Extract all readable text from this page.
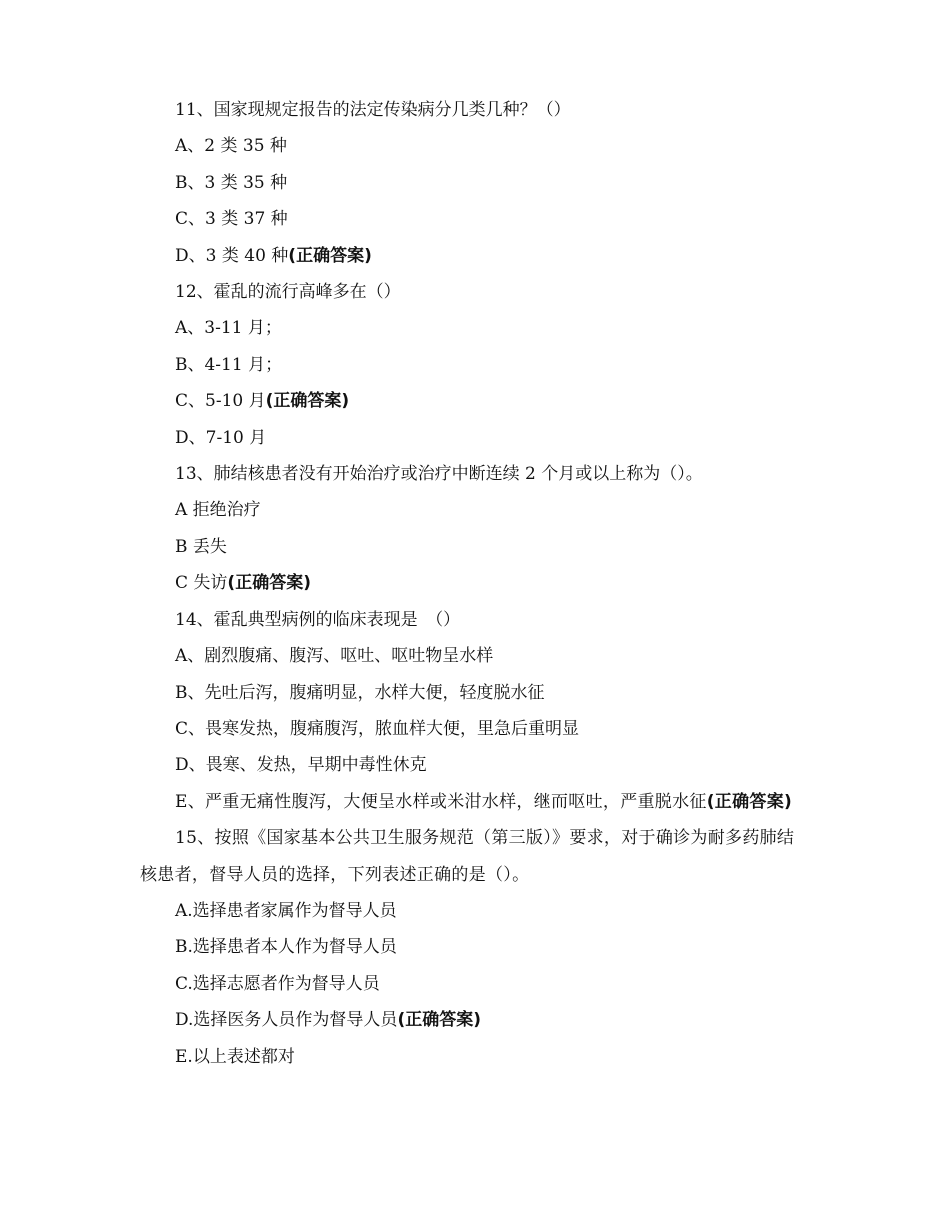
11、国家现规定报告的法定传染病分几类几种？（）
A、2 类 35 种
B、3 类 35 种
C、3 类 37 种
D、3 类 40 种(正确答案)
12、霍乱的流行高峰多在（）
A、3-11 月；
B、4-11 月；
C、5-10 月(正确答案)
D、7-10 月
13、肺结核患者没有开始治疗或治疗中断连续 2 个月或以上称为（）。
A 拒绝治疗
B 丢失
C 失访(正确答案)
14、霍乱典型病例的临床表现是　（）
A、剧烈腹痛、腹泻、呕吐、呕吐物呈水样
B、先吐后泻，腹痛明显，水样大便，轻度脱水征
C、畏寒发热，腹痛腹泻，脓血样大便，里急后重明显
D、畏寒、发热，早期中毒性休克
E、严重无痛性腹泻，大便呈水样或米泔水样，继而呕吐，严重脱水征(正确答案)
15、按照《国家基本公共卫生服务规范（第三版）》要求，对于确诊为耐多药肺结核患者，督导人员的选择，下列表述正确的是（）。
A.选择患者家属作为督导人员
B.选择患者本人作为督导人员
C.选择志愿者作为督导人员
D.选择医务人员作为督导人员(正确答案)
E.以上表述都对
